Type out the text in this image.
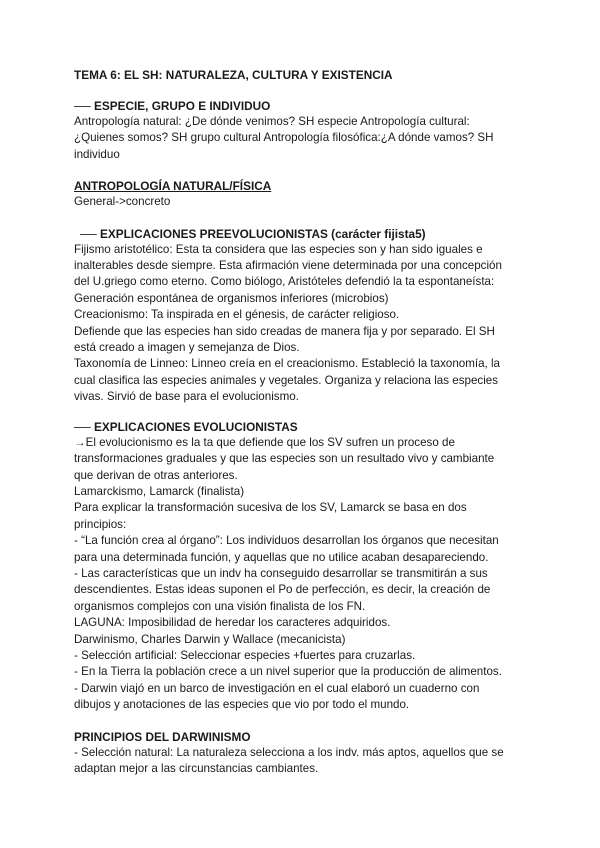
TEMA 6: EL SH: NATURALEZA, CULTURA Y EXISTENCIA

── ESPECIE, GRUPO E INDIVIDUO

Antropología natural: ¿De dónde venimos? SH especie Antropología cultural:

¿Quienes somos? SH grupo cultural Antropología filosófica:¿A dónde vamos? SH

individuo

ANTROPOLOGÍA NATURAL/FÍSICA

General->concreto

── EXPLICACIONES PREEVOLUCIONISTAS (carácter fijista5)

Fijismo aristotélico: Esta ta considera que las especies son y han sido iguales e

inalterables desde siempre. Esta afirmación viene determinada por una concepción

del U.griego como eterno. Como biólogo, Aristóteles defendió la ta espontaneísta:

Generación espontánea de organismos inferiores (microbios)

Creacionismo: Ta inspirada en el génesis, de carácter religioso.

Defiende que las especies han sido creadas de manera fija y por separado. El SH

está creado a imagen y semejanza de Dios.

Taxonomía de Linneo: Linneo creía en el creacionismo. Estableció la taxonomía, la

cual clasifica las especies animales y vegetales. Organiza y relaciona las especies

vivas. Sirvió de base para el evolucionismo.

── EXPLICACIONES EVOLUCIONISTAS

→El evolucionismo es la ta que defiende que los SV sufren un proceso de

transformaciones graduales y que las especies son un resultado vivo y cambiante

que derivan de otras anteriores.

Lamarckismo, Lamarck (finalista)

Para explicar la transformación sucesiva de los SV, Lamarck se basa en dos

principios:

- “La función crea al órgano”: Los individuos desarrollan los órganos que necesitan

para una determinada función, y aquellas que no utilice acaban desapareciendo.

- Las características que un indv ha conseguido desarrollar se transmitirán a sus

descendientes. Estas ideas suponen el Po de perfección, es decir, la creación de

organismos complejos con una visión finalista de los FN.

LAGUNA: Imposibilidad de heredar los caracteres adquiridos.

Darwinismo, Charles Darwin y Wallace (mecanicista)

- Selección artificial: Seleccionar especies +fuertes para cruzarlas.

- En la Tierra la población crece a un nivel superior que la producción de alimentos.

- Darwin viajó en un barco de investigación en el cual elaboró un cuaderno con

dibujos y anotaciones de las especies que vio por todo el mundo.

PRINCIPIOS DEL DARWINISMO

- Selección natural: La naturaleza selecciona a los indv. más aptos, aquellos que se

adaptan mejor a las circunstancias cambiantes.
